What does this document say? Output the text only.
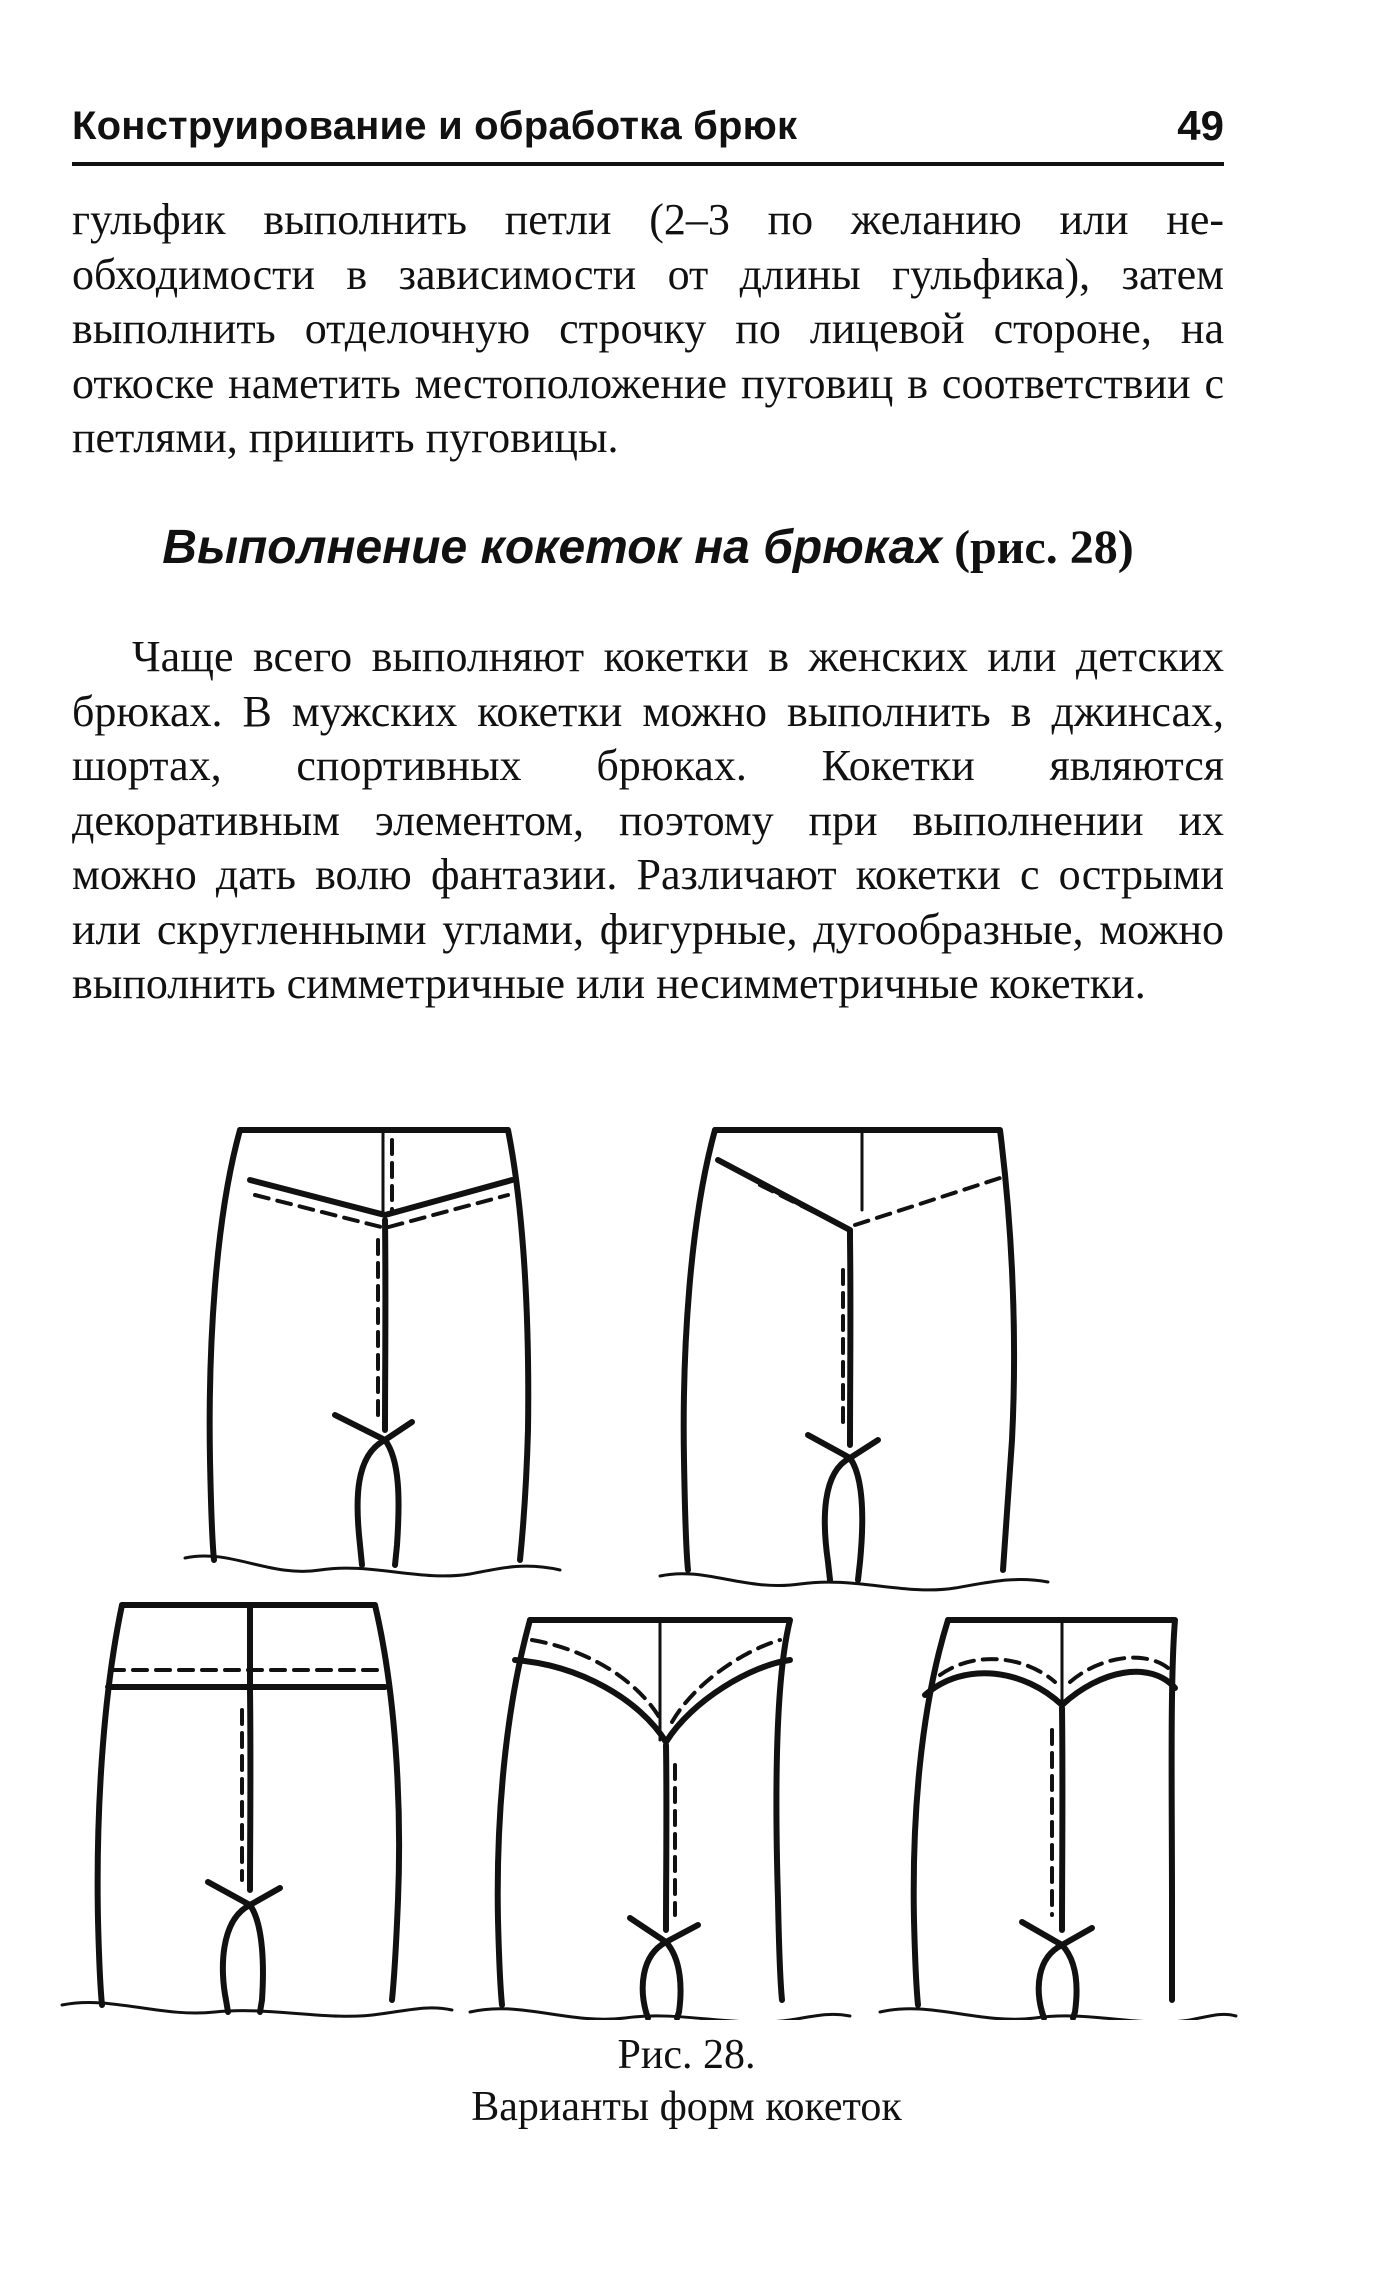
Конструирование и обработка брюк	49

гульфик выполнить петли (2–3 по желанию или необходимости в зависимости от длины гульфика), затем выполнить отделочную строчку по лицевой стороне, на откоске наметить местоположение пуговиц в соответствии с петлями, пришить пуговицы.

Выполнение кокеток на брюках (рис. 28)

Чаще всего выполняют кокетки в женских или детских брюках. В мужских кокетки можно выполнить в джинсах, шортах, спортивных брюках. Кокетки являются декоративным элементом, поэтому при выполнении их можно дать волю фантазии. Различают кокетки с острыми или скругленными углами, фигурные, дугообразные, можно выполнить симметричные или несимметричные кокетки.

Рис. 28.
Варианты форм кокеток
